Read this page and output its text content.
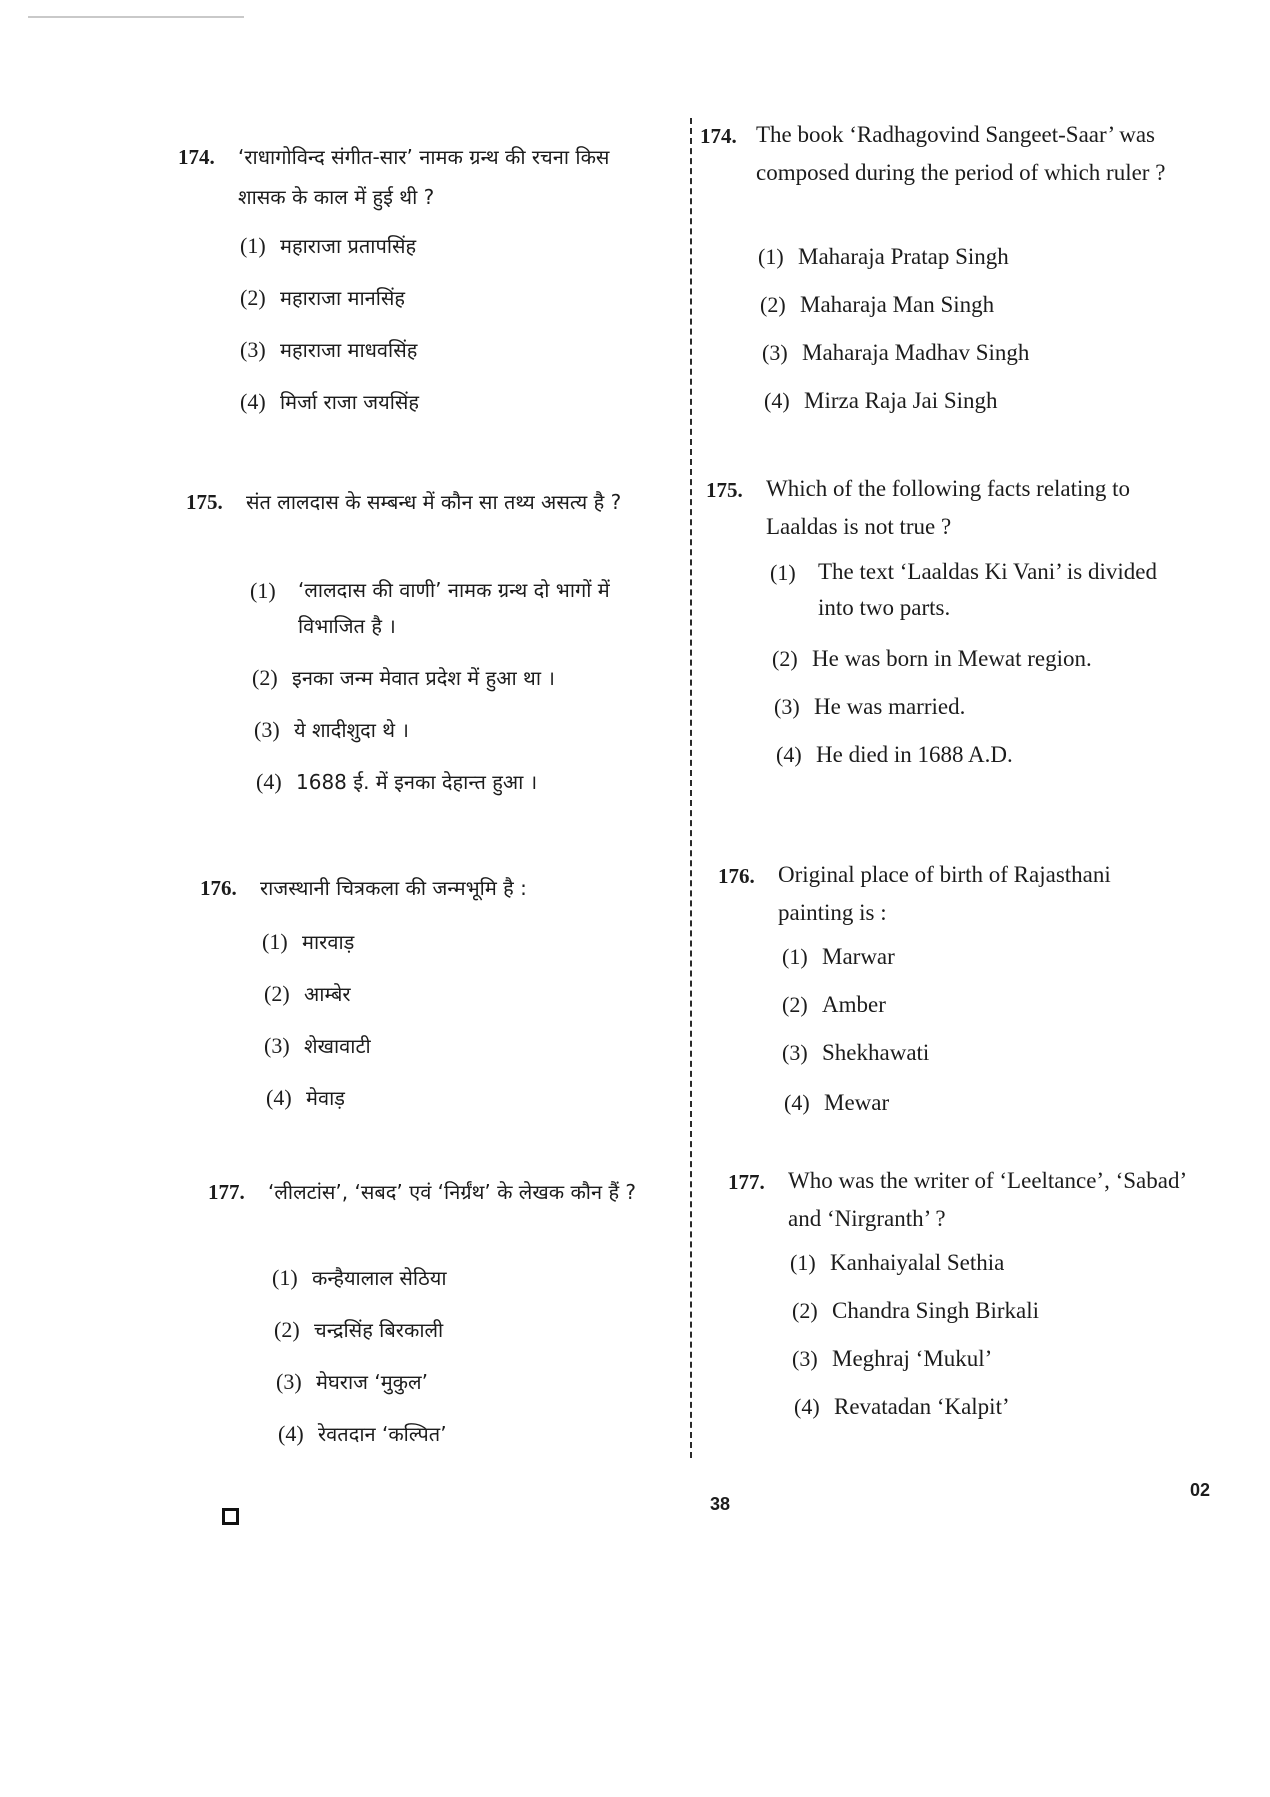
174. ‘राधागोविन्द संगीत-सार’ नामक ग्रन्थ की रचना किस शासक के काल में हुई थी ?
(1) महाराजा प्रतापसिंह
(2) महाराजा मानसिंह
(3) महाराजा माधवसिंह
(4) मिर्जा राजा जयसिंह
175. संत लालदास के सम्बन्ध में कौन सा तथ्य असत्य है ?
(1)	‘लालदास की वाणी’ नामक ग्रन्थ दो भागों में विभाजित है ।
(2) इनका जन्म मेवात प्रदेश में हुआ था ।
(3) ये शादीशुदा थे ।
(4) 1688 ई. में इनका देहान्त हुआ ।
176. राजस्थानी चित्रकला की जन्मभूमि है :
(1) मारवाड़
(2) आम्बेर
(3) शेखावाटी
(4) मेवाड़
177. ‘लीलटांस’, ‘सबद’ एवं ‘निर्ग्रंथ’ के लेखक कौन हैं ?
(1) कन्हैयालाल सेठिया
(2) चन्द्रसिंह बिरकाली
(3) मेघराज ‘मुकुल’
(4) रेवतदान ‘कल्पित’
174. The book ‘Radhagovind Sangeet-Saar’ was composed during the period of which ruler ?
(1) Maharaja Pratap Singh
(2) Maharaja Man Singh
(3) Maharaja Madhav Singh
(4) Mirza Raja Jai Singh
175. Which of the following facts relating to Laaldas is not true ?
(1) The text ‘Laaldas Ki Vani’ is divided into two parts.
(2) He was born in Mewat region.
(3) He was married.
(4) He died in 1688 A.D.
176. Original place of birth of Rajasthani painting is :
(1) Marwar
(2) Amber
(3) Shekhawati
(4) Mewar
177. Who was the writer of ‘Leeltance’, ‘Sabad’ and ‘Nirgranth’ ?
(1) Kanhaiyalal Sethia
(2) Chandra Singh Birkali
(3) Meghraj ‘Mukul’
(4) Revatadan ‘Kalpit’
38
02
